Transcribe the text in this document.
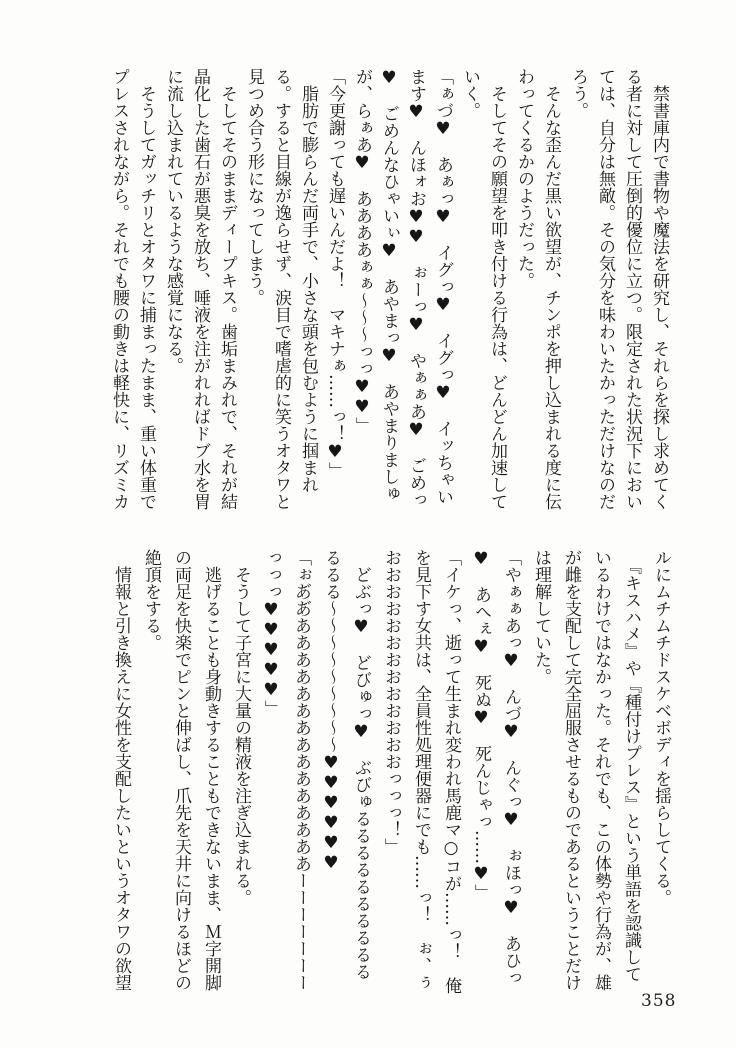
　禁書庫内で書物や魔法を研究し、それらを探し求めてくる者に対して圧倒的優位に立つ。限定された状況下においては、自分は無敵。その気分を味わいたかっただけなのだろう。

　そんな歪んだ黒い欲望が、チンポを押し込まれる度に伝わってくるかのようだった。

　そしてその願望を叩き付ける行為は、どんどん加速していく。

「ぁづ♥　あぁっ♥　イグっ♥　イグっ♥　イッちゃいます♥　んほォお♥♥　ぉーっ♥　やぁぁあ♥　ごめっ♥　ごめんなひゃいぃ♥　あやまっ♥　あやまりましゅが、らぁあ♥　ああああぁぁ～～～っっ♥♥」

「今更謝っても遅いんだよ！　マキナぁ……っ！♥」

　脂肪で膨らんだ両手で、小さな頭を包むように掴まれる。すると目線が逸らせず、涙目で嗜虐的に笑うオタワと見つめ合う形になってしまう。

　そしてそのままディープキス。歯垢まみれで、それが結晶化した歯石が悪臭を放ち、唾液を注がれればドブ水を胃に流し込まれているような感覚になる。

　そうしてガッチリとオタワに捕まったまま、重い体重でプレスされながら。それでも腰の動きは軽快に、リズミカ

ルにムチムチドスケベボディを揺らしてくる。

　『キスハメ』や『種付けプレス』という単語を認識しているわけではなかった。それでも、この体勢や行為が、雄が雌を支配して完全屈服させるものであるということだけは理解していた。

「やぁぁあっ♥　んづ♥　んぐっ♥　ぉほっ♥　あひっ♥　あへぇ♥　死ぬ♥　死んじゃっ……♥」

「イケっ、逝って生まれ変われ馬鹿マ○コが……っ！　俺を見下す女共は、全員性処理便器にでも……っ！　ぉ、ぅおおおおおおおおおおおおおっっっ！」

　どぶっ♥　どびゅっ♥　ぶびゅるるるるるるるるるるるるる～～～～～～～～～♥♥♥♥♥♥

「ぉあ゙あ゙あああああああああああああああーーーーーーーっっっ♥♥♥♥♥」

　そうして子宮に大量の精液を注ぎ込まれる。

　逃げることも身動きすることもできないまま、Ｍ字開脚の両足を快楽でピンと伸ばし、爪先を天井に向けるほどの絶頂をする。

　情報と引き換えに女性を支配したいというオタワの欲望

358
